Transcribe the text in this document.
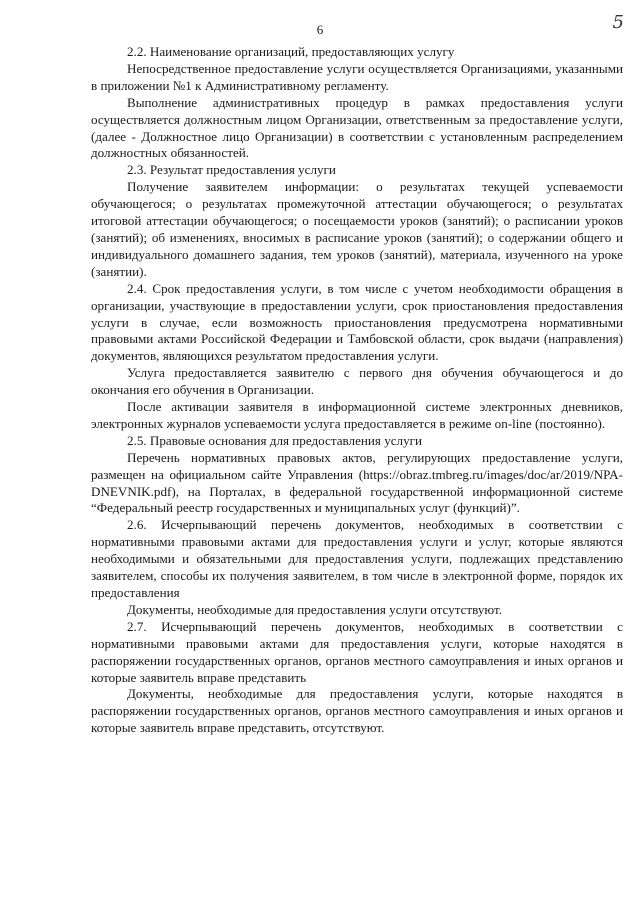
5
6

2.2. Наименование организаций, предоставляющих услугу

Непосредственное предоставление услуги осуществляется Организациями, указанными в приложении №1 к Административному регламенту.

Выполнение административных процедур в рамках предоставления услуги осуществляется должностным лицом Организации, ответственным за предоставление услуги, (далее - Должностное лицо Организации) в соответствии с установленным распределением должностных обязанностей.

2.3. Результат предоставления услуги

Получение заявителем информации: о результатах текущей успеваемости обучающегося; о результатах промежуточной аттестации обучающегося; о результатах итоговой аттестации обучающегося; о посещаемости уроков (занятий); о расписании уроков (занятий); об изменениях, вносимых в расписание уроков (занятий); о содержании общего и индивидуального домашнего задания, тем уроков (занятий), материала, изученного на уроке (занятии).

2.4. Срок предоставления услуги, в том числе с учетом необходимости обращения в организации, участвующие в предоставлении услуги, срок приостановления предоставления услуги в случае, если возможность приостановления предусмотрена нормативными правовыми актами Российской Федерации и Тамбовской области, срок выдачи (направления) документов, являющихся результатом предоставления услуги.

Услуга предоставляется заявителю с первого дня обучения обучающегося и до окончания его обучения в Организации.

После активации заявителя в информационной системе электронных дневников, электронных журналов успеваемости услуга предоставляется в режиме on-line (постоянно).

2.5. Правовые основания для предоставления услуги

Перечень нормативных правовых актов, регулирующих предоставление услуги, размещен на официальном сайте Управления (https://obraz.tmbreg.ru/images/doc/ar/2019/NPA-DNEVNIK.pdf), на Порталах, в федеральной государственной информационной системе “Федеральный реестр государственных и муниципальных услуг (функций)”.

2.6. Исчерпывающий перечень документов, необходимых в соответствии с нормативными правовыми актами для предоставления услуги и услуг, которые являются необходимыми и обязательными для предоставления услуги, подлежащих представлению заявителем, способы их получения заявителем, в том числе в электронной форме, порядок их предоставления

Документы, необходимые для предоставления услуги отсутствуют.

2.7. Исчерпывающий перечень документов, необходимых в соответствии с нормативными правовыми актами для предоставления услуги, которые находятся в распоряжении государственных органов, органов местного самоуправления и иных органов и которые заявитель вправе представить

Документы, необходимые для предоставления услуги, которые находятся в распоряжении государственных органов, органов местного самоуправления и иных органов и которые заявитель вправе представить, отсутствуют.
